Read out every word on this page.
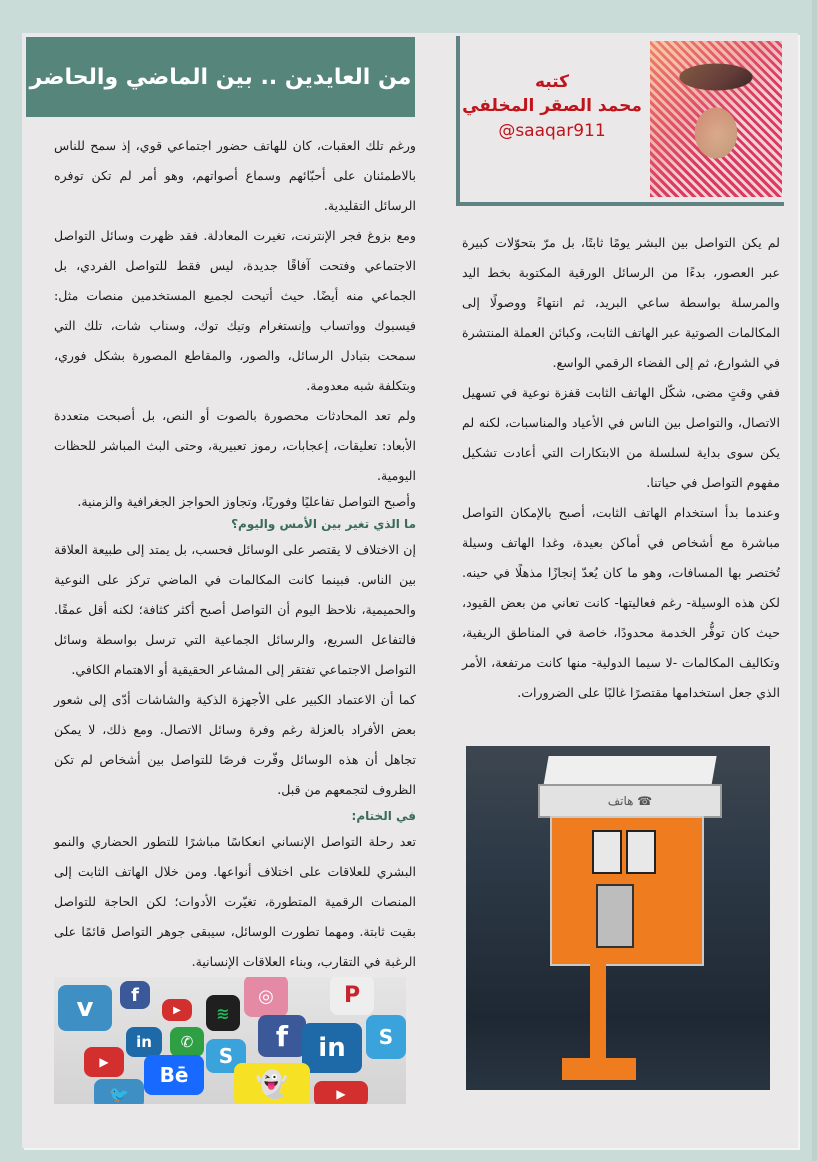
من العايدين .. بين الماضي والحاضر	كتبه
محمد الصقر المخلفي
@saaqar911

لم يكن التواصل بين البشر يومًا ثابتًا، بل مرّ بتحوّلات كبيرة عبر العصور، بدءًا من الرسائل الورقية المكتوبة بخط اليد والمرسلة بواسطة ساعي البريد، ثم انتهاءً ووصولًا إلى المكالمات الصوتية عبر الهاتف الثابت، وكبائن العملة المنتشرة في الشوارع، ثم إلى الفضاء الرقمي الواسع.

ففي وقتٍ مضى، شكّل الهاتف الثابت قفزة نوعية في تسهيل الاتصال، والتواصل بين الناس في الأعياد والمناسبات، لكنه لم يكن سوى بداية لسلسلة من الابتكارات التي أعادت تشكيل مفهوم التواصل في حياتنا.

وعندما بدأ استخدام الهاتف الثابت، أصبح بالإمكان التواصل مباشرة مع أشخاص في أماكن بعيدة، وغدا الهاتف وسيلة تُختصر بها المسافات، وهو ما كان يُعدّ إنجازًا مذهلًا في حينه. لكن هذه الوسيلة- رغم فعاليتها- كانت تعاني من بعض القيود، حيث كان توفُّر الخدمة محدودًا، خاصة في المناطق الريفية، وتكاليف المكالمات -لا سيما الدولية- منها كانت مرتفعة، الأمر الذي جعل استخدامها مقتصرًا غالبًا على الضرورات.

☎ هاتف

ورغم تلك العقبات، كان للهاتف حضور اجتماعي قوي، إذ سمح للناس بالاطمئنان على أحبّائهم وسماع أصواتهم، وهو أمر لم تكن توفره الرسائل التقليدية.

ومع بزوغ فجر الإنترنت، تغيرت المعادلة. فقد ظهرت وسائل التواصل الاجتماعي وفتحت آفاقًا جديدة، ليس فقط للتواصل الفردي، بل الجماعي منه أيضًا. حيث أتيحت لجميع المستخدمين منصات مثل: فيسبوك وواتساب وإنستغرام وتيك توك، وسناب شات، تلك التي سمحت بتبادل الرسائل، والصور، والمقاطع المصورة بشكل فوري، وبتكلفة شبه معدومة.

ولم تعد المحادثات محصورة بالصوت أو النص، بل أصبحت متعددة الأبعاد: تعليقات، إعجابات، رموز تعبيرية، وحتى البث المباشر للحظات اليومية.

وأصبح التواصل تفاعليًا وفوريًا، وتجاوز الحواجز الجغرافية والزمنية.

ما الذي تغير بين الأمس واليوم؟

إن الاختلاف لا يقتصر على الوسائل فحسب، بل يمتد إلى طبيعة العلاقة بين الناس. فبينما كانت المكالمات في الماضي تركز على النوعية والحميمية، نلاحظ اليوم أن التواصل أصبح أكثر كثافة؛ لكنه أقل عمقًا. فالتفاعل السريع، والرسائل الجماعية التي ترسل بواسطة وسائل التواصل الاجتماعي تفتقر إلى المشاعر الحقيقية أو الاهتمام الكافي.

كما أن الاعتماد الكبير على الأجهزة الذكية والشاشات أدّى إلى شعور بعض الأفراد بالعزلة رغم وفرة وسائل الاتصال. ومع ذلك، لا يمكن تجاهل أن هذه الوسائل وفّرت فرصًا للتواصل بين أشخاص لم تكن الظروف لتجمعهم من قبل.

في الختام:

تعد رحلة التواصل الإنساني انعكاسًا مباشرًا للتطور الحضاري والنمو البشري للعلاقات على اختلاف أنواعها. ومن خلال الهاتف الثابت إلى المنصات الرقمية المتطورة، تغيّرت الأدوات؛ لكن الحاجة للتواصل بقيت ثابتة. ومهما تطورت الوسائل، سيبقى جوهر التواصل قائمًا على الرغبة في التقارب، وبناء العلاقات الإنسانية.

v	f
▶	≋
◎	P
in	✆
S
f	in	S
▶
Bē	👻	▶
🐦
